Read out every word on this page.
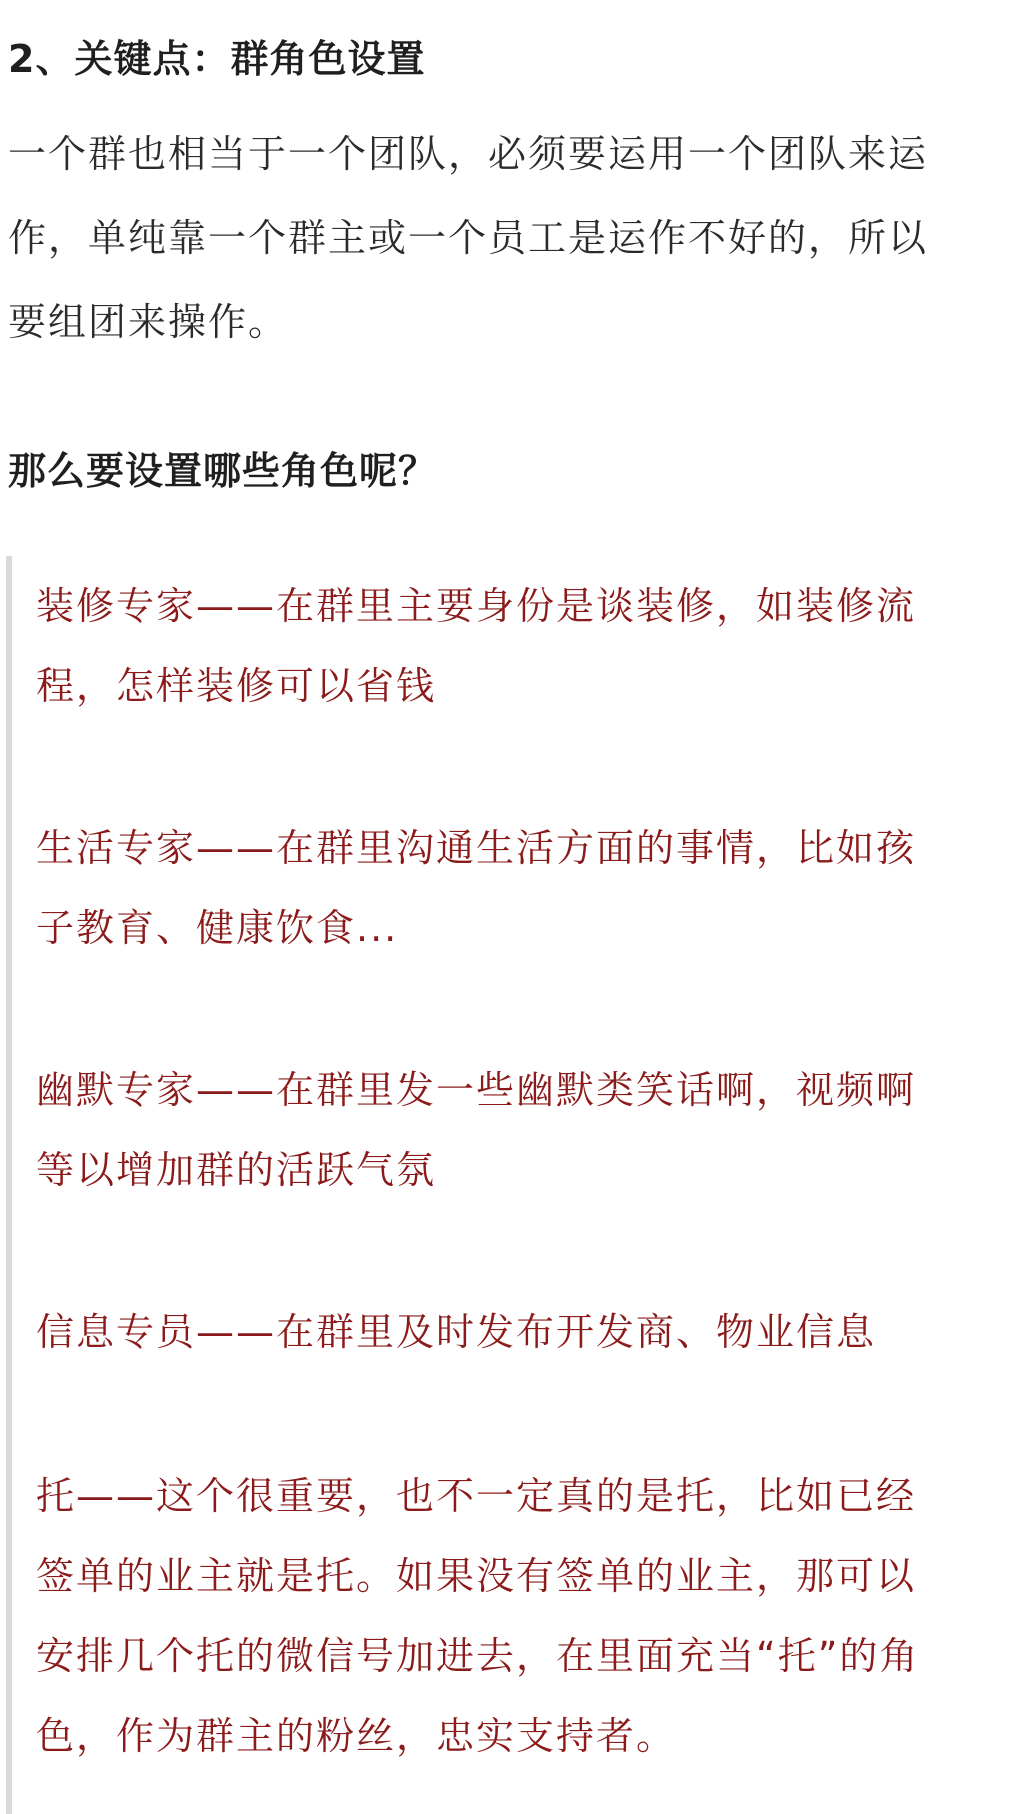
2、关键点：群角色设置

一个群也相当于一个团队，必须要运用一个团队来运
作，单纯靠一个群主或一个员工是运作不好的，所以
要组团来操作。

那么要设置哪些角色呢？

装修专家——在群里主要身份是谈装修，如装修流
程，怎样装修可以省钱

生活专家——在群里沟通生活方面的事情，比如孩
子教育、健康饮食...

幽默专家——在群里发一些幽默类笑话啊，视频啊
等以增加群的活跃气氛

信息专员——在群里及时发布开发商、物业信息

托——这个很重要，也不一定真的是托，比如已经
签单的业主就是托。如果没有签单的业主，那可以
安排几个托的微信号加进去，在里面充当“托”的角
色，作为群主的粉丝，忠实支持者。
